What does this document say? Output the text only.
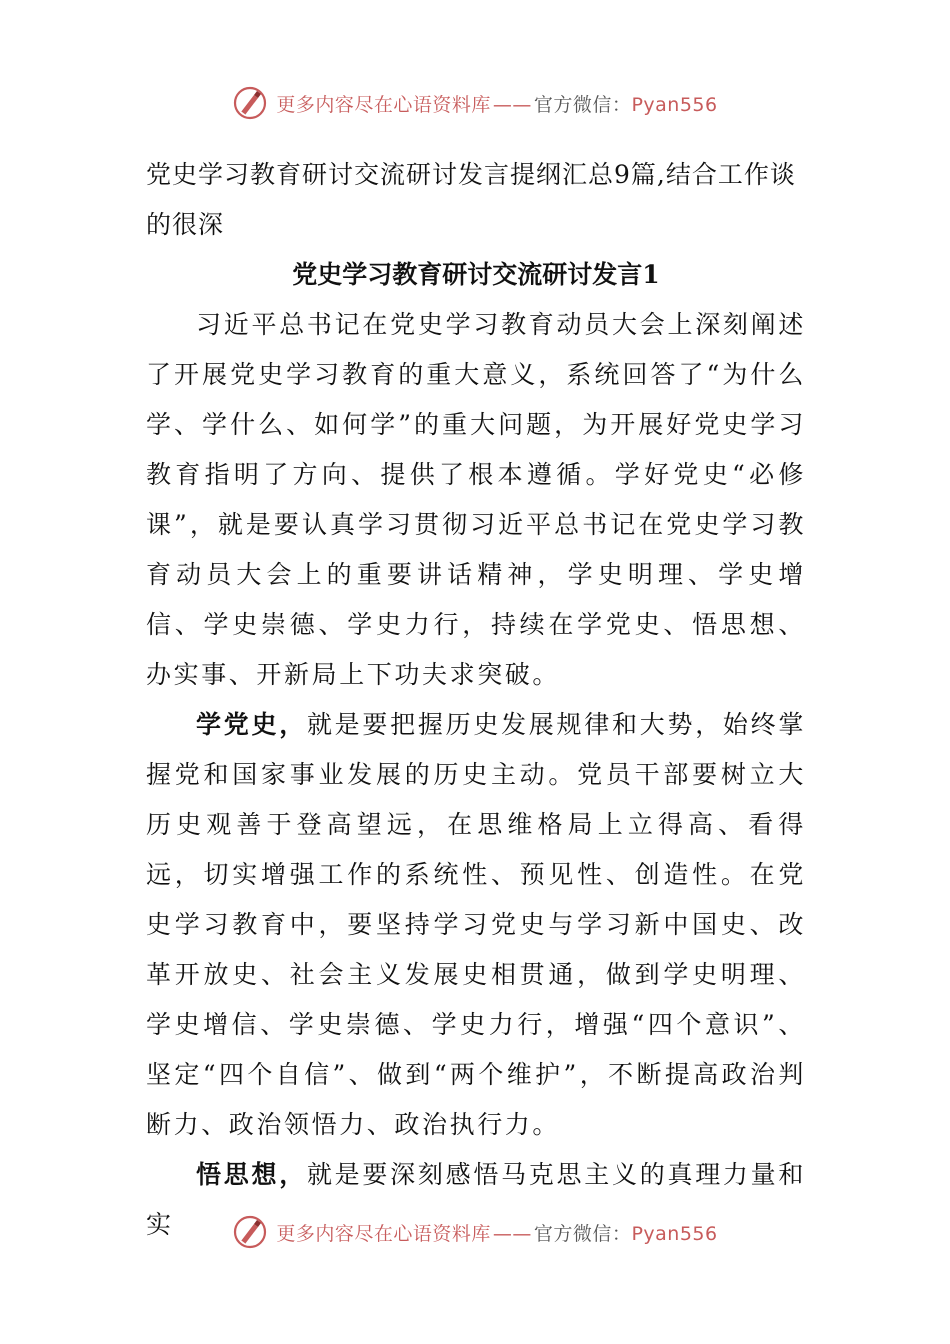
更多内容尽在心语资料库 —— 官方微信：Pyan556

党史学习教育研讨交流研讨发言提纲汇总9篇,结合工作谈的很深

党史学习教育研讨交流研讨发言1

习近平总书记在党史学习教育动员大会上深刻阐述了开展党史学习教育的重大意义，系统回答了“为什么学、学什么、如何学”的重大问题，为开展好党史学习教育指明了方向、提供了根本遵循。学好党史“必修课”，就是要认真学习贯彻习近平总书记在党史学习教育动员大会上的重要讲话精神，学史明理、学史增信、学史崇德、学史力行，持续在学党史、悟思想、办实事、开新局上下功夫求突破。

学党史，就是要把握历史发展规律和大势，始终掌握党和国家事业发展的历史主动。党员干部要树立大历史观善于登高望远，在思维格局上立得高、看得远，切实增强工作的系统性、预见性、创造性。在党史学习教育中，要坚持学习党史与学习新中国史、改革开放史、社会主义发展史相贯通，做到学史明理、学史增信、学史崇德、学史力行，增强“四个意识”、坚定“四个自信”、做到“两个维护”，不断提高政治判断力、政治领悟力、政治执行力。

悟思想，就是要深刻感悟马克思主义的真理力量和实	更多内容尽在心语资料库 —— 官方微信：Pyan556
